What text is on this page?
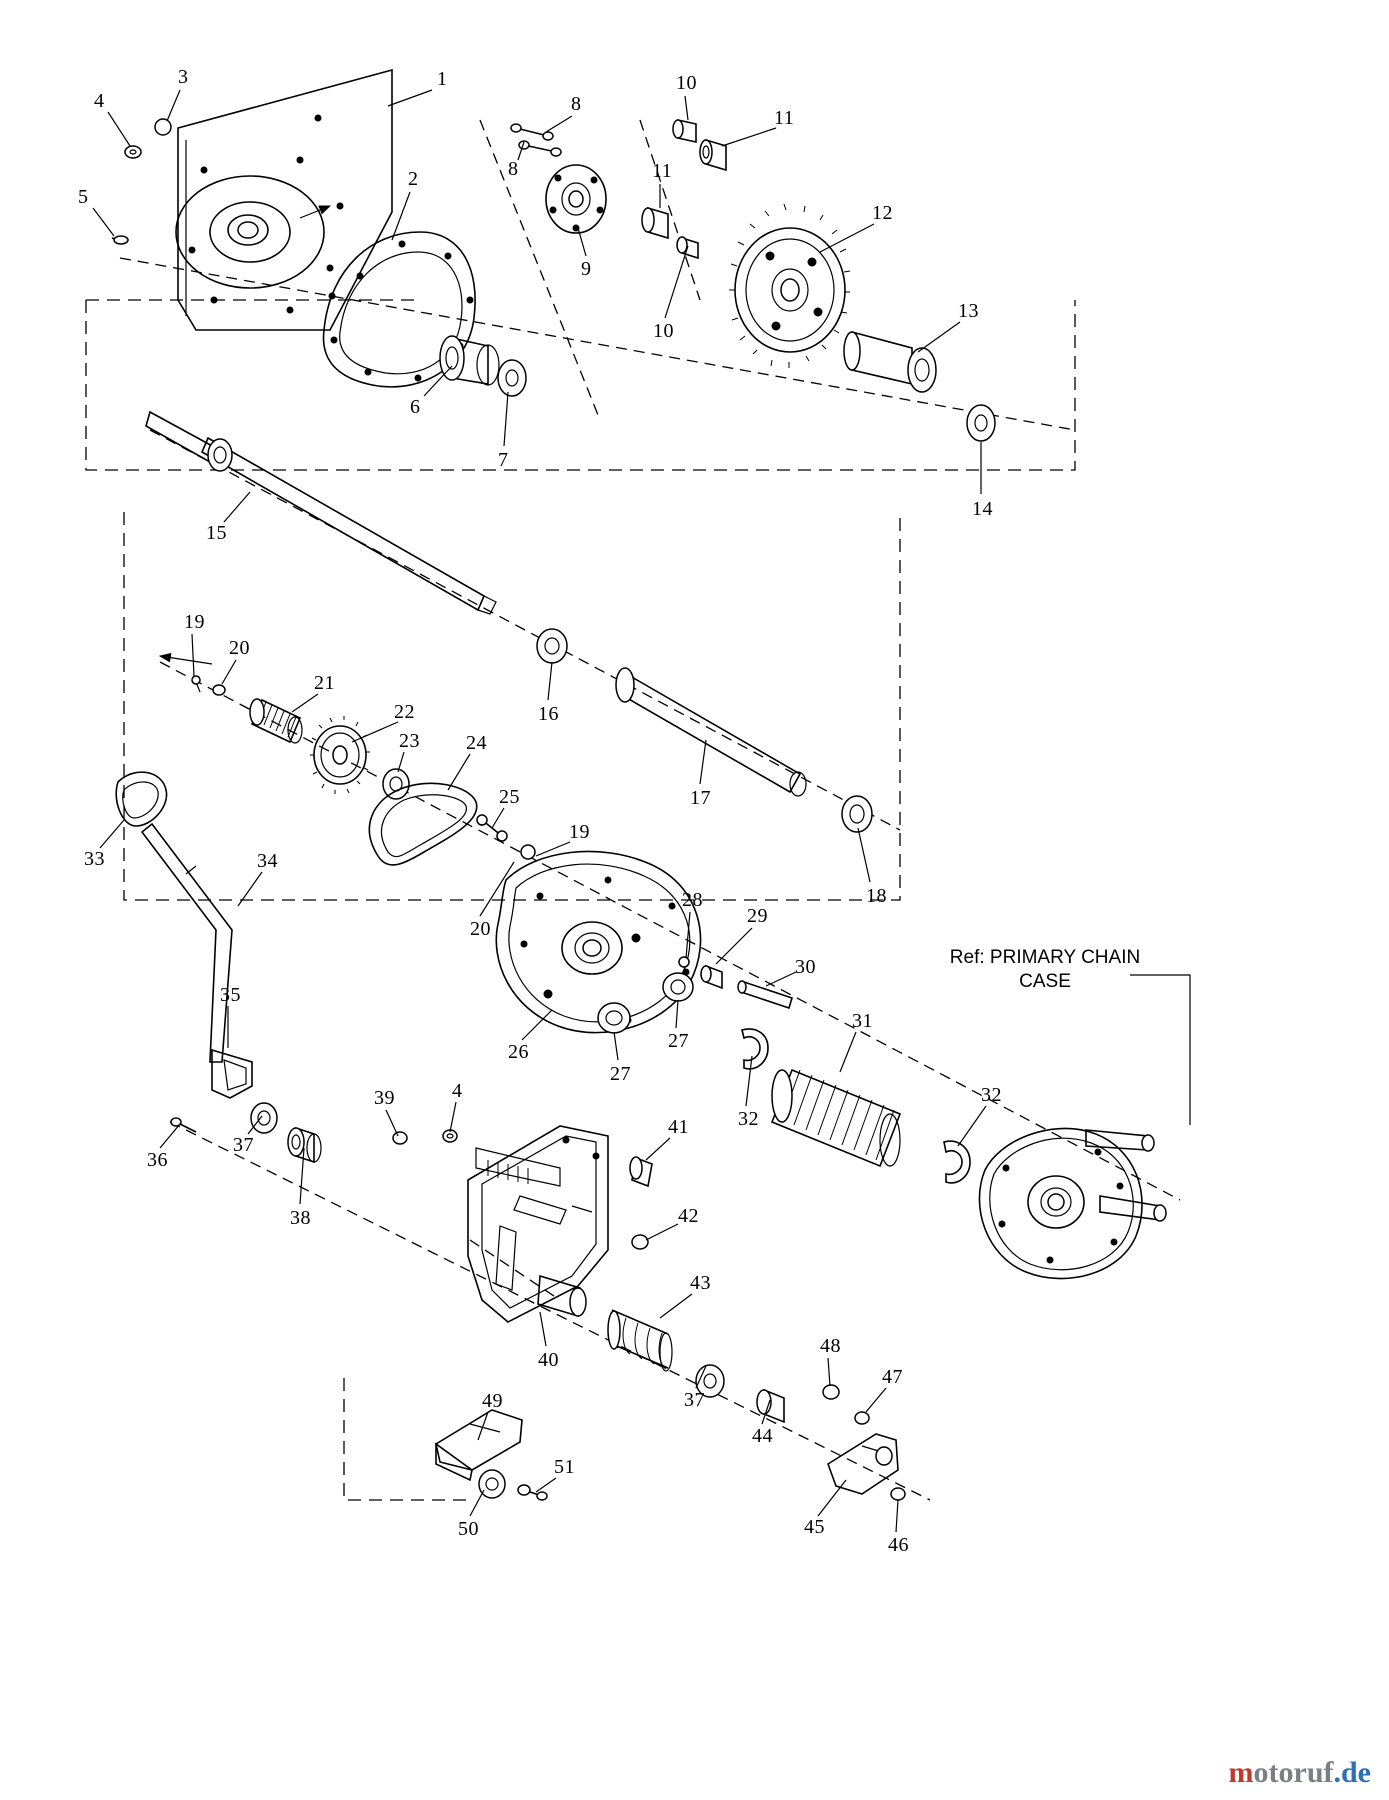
1
3
4
5
2
8
8
9
10
11
11
10
12
13
14
6
7
15
16
17
18
19
20
21
22
23 24
25
19
20
26
27
27
28
29
30
31
32
32
33	34
35
36
37
38
39	4
40
41
42
43
37
44
45
46
47
48
49
50
51
Ref: PRIMARY CHAIN
CASE
motoruf.de
